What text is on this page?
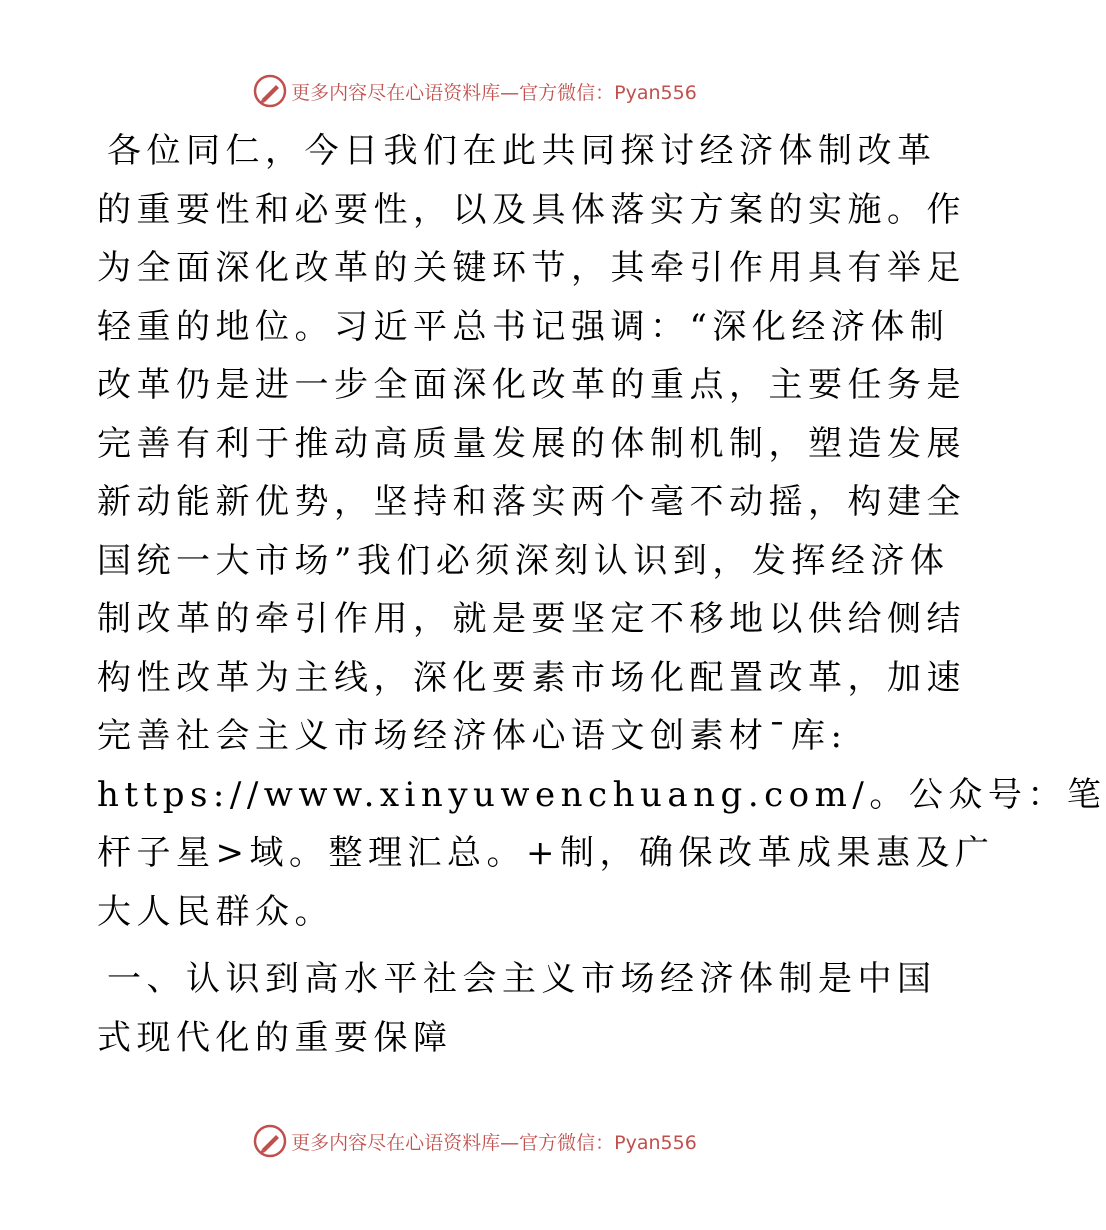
更多内容尽在心语资料库—官方微信：Pyan556
各位同仁，今日我们在此共同探讨经济体制改革
的重要性和必要性，以及具体落实方案的实施。作
为全面深化改革的关键环节，其牵引作用具有举足
轻重的地位。习近平总书记强调：“深化经济体制
改革仍是进一步全面深化改革的重点，主要任务是
完善有利于推动高质量发展的体制机制，塑造发展
新动能新优势，坚持和落实两个毫不动摇，构建全
国统一大市场”我们必须深刻认识到，发挥经济体
制改革的牵引作用，就是要坚定不移地以供给侧结
构性改革为主线，深化要素市场化配置改革，加速
完善社会主义市场经济体心语文创素材¯库:
https://www.xinyuwenchuang.com/。公众号：笔
杆子星>域。整理汇总。+制，确保改革成果惠及广
大人民群众。
一、认识到高水平社会主义市场经济体制是中国
式现代化的重要保障
更多内容尽在心语资料库—官方微信：Pyan556
